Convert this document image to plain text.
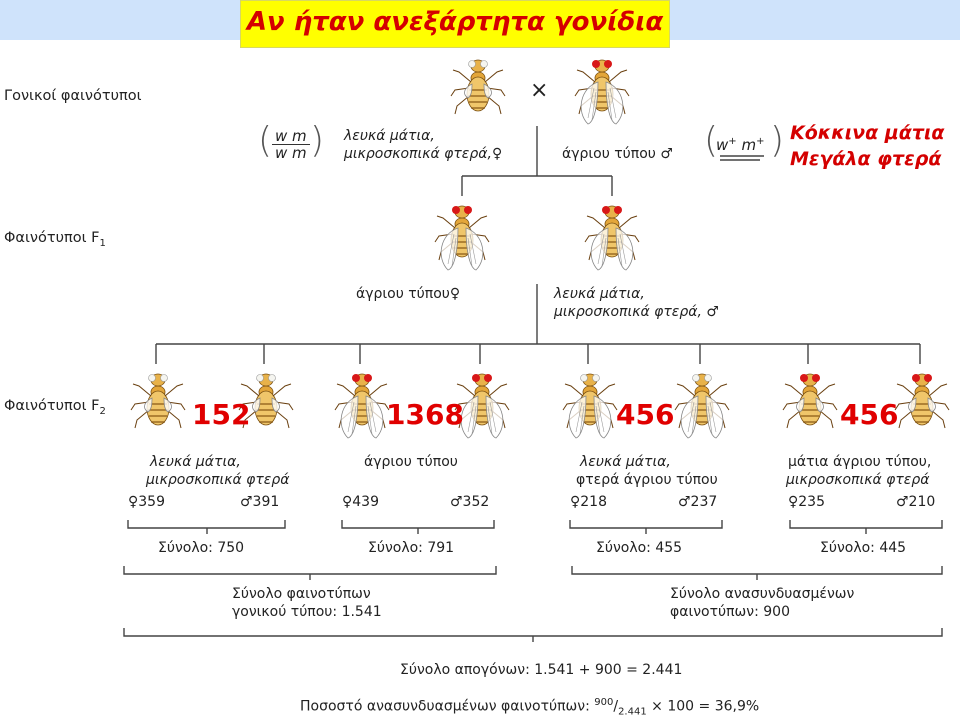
Αν ήταν ανεξάρτητα γονίδια
×
Γονικοί φαινότυποι
Φαινότυποι $F_1$
Φαινότυποι $F_2$
Κόκκινα μάτια
Μεγάλα φτερά
( $\frac{\text{w m}}{\text{w m}}$ ) λευκά μάτια,
μικροσκοπικά φτερά,♀	άγριου τύπου ♂ (
w+ m+ )
άγριου τύπου♀	λευκά μάτια,
μικροσκοπικά φτερά, ♂
152	1368	456	456
λευκά μάτια,
μικροσκοπικά φτερά
άγριου τύπου	λευκά μάτια,
φτερά άγριου τύπου
μάτια άγριου τύπου,
μικροσκοπικά φτερά
♀359	♂391	♀439	♂352	♀218	♂237	♀235	♂210
Σύνολο: 750	Σύνολο: 791	Σύνολο: 455	Σύνολο: 445
Σύνολο φαινοτύπων
γονικού τύπου: 1.541
Σύνολο ανασυνδυασμένων
φαινοτύπων: 900
Σύνολο απογόνων: 1.541 + 900 = 2.441
Ποσοστό ανασυνδυασμένων φαινοτύπων: $^{900}/_{2.441} \times 100 = 36,9\%$
